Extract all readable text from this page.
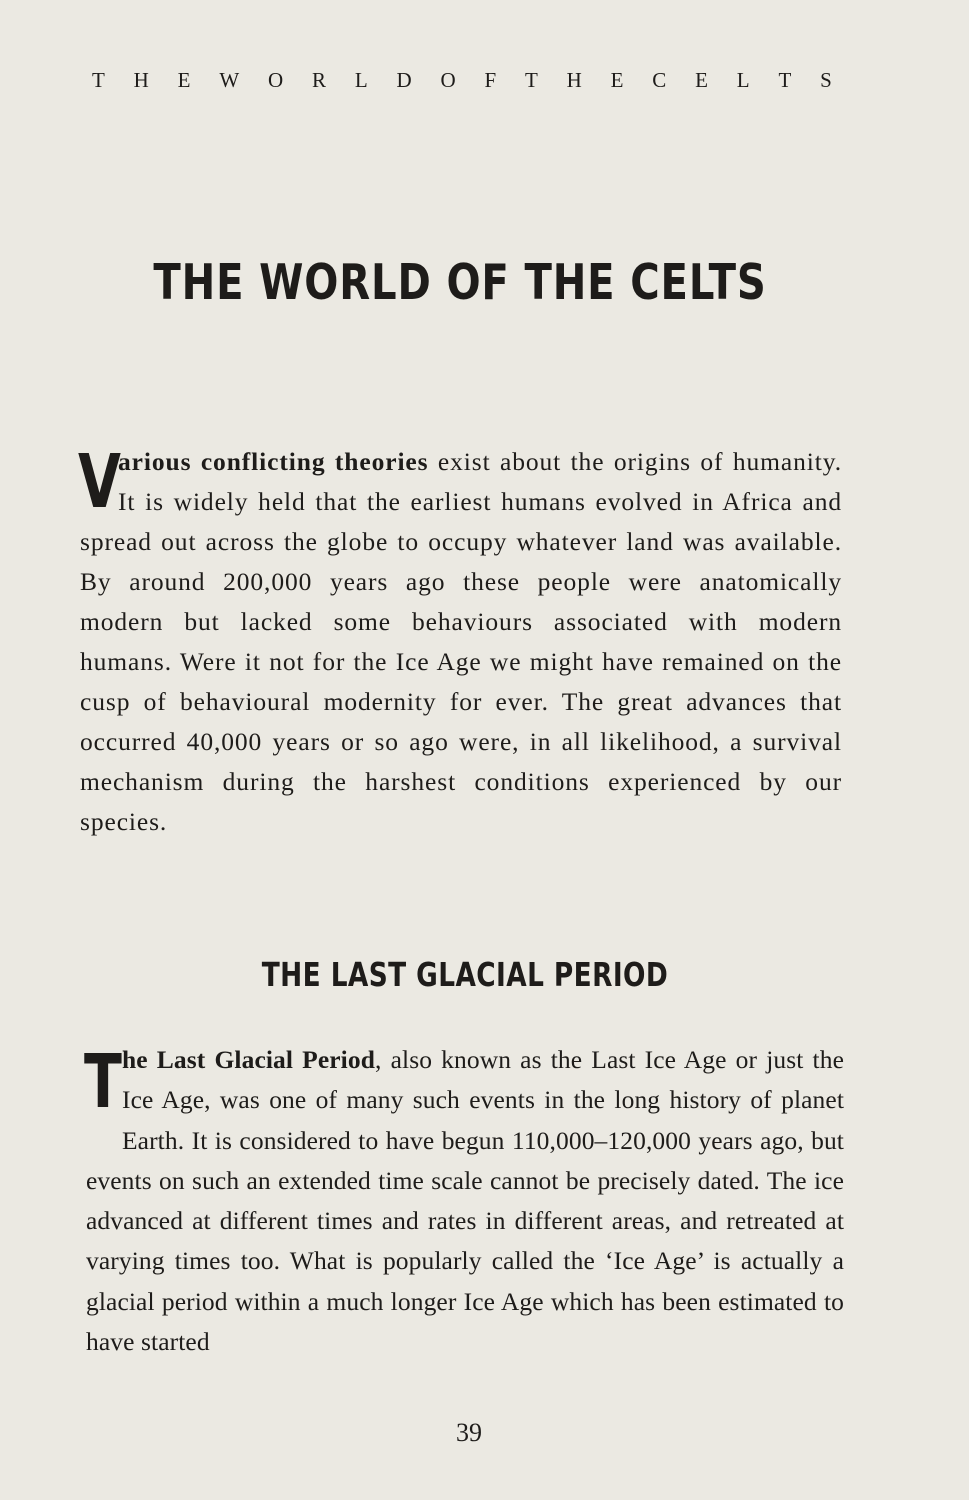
T H E W O R L D O F T H E C E L T S
THE WORLD OF THE CELTS

V
arious conflicting theories exist about the origins of humanity. It is widely held that the earliest humans evolved in Africa and spread out across the globe to occupy whatever land was available. By around 200,000 years ago these people were anatomically modern but lacked some behaviours associated with modern humans. Were it not for the Ice Age we might have remained on the cusp of behavioural modernity for ever. The great advances that occurred 40,000 years or so ago were, in all likelihood, a survival mechanism during the harshest conditions experienced by our species.

THE LAST GLACIAL PERIOD

The Last Glacial Period, also known as the Last Ice Age or just the Ice Age, was one of many such events in the long history of planet Earth. It is considered to have begun 110,000–120,000 years ago, but events on such an extended time scale cannot be precisely dated. The ice advanced at different times and rates in different areas, and retreated at varying times too. What is popularly called the ‘Ice Age’ is actually a glacial period within a much longer Ice Age which has been estimated to have started

39
